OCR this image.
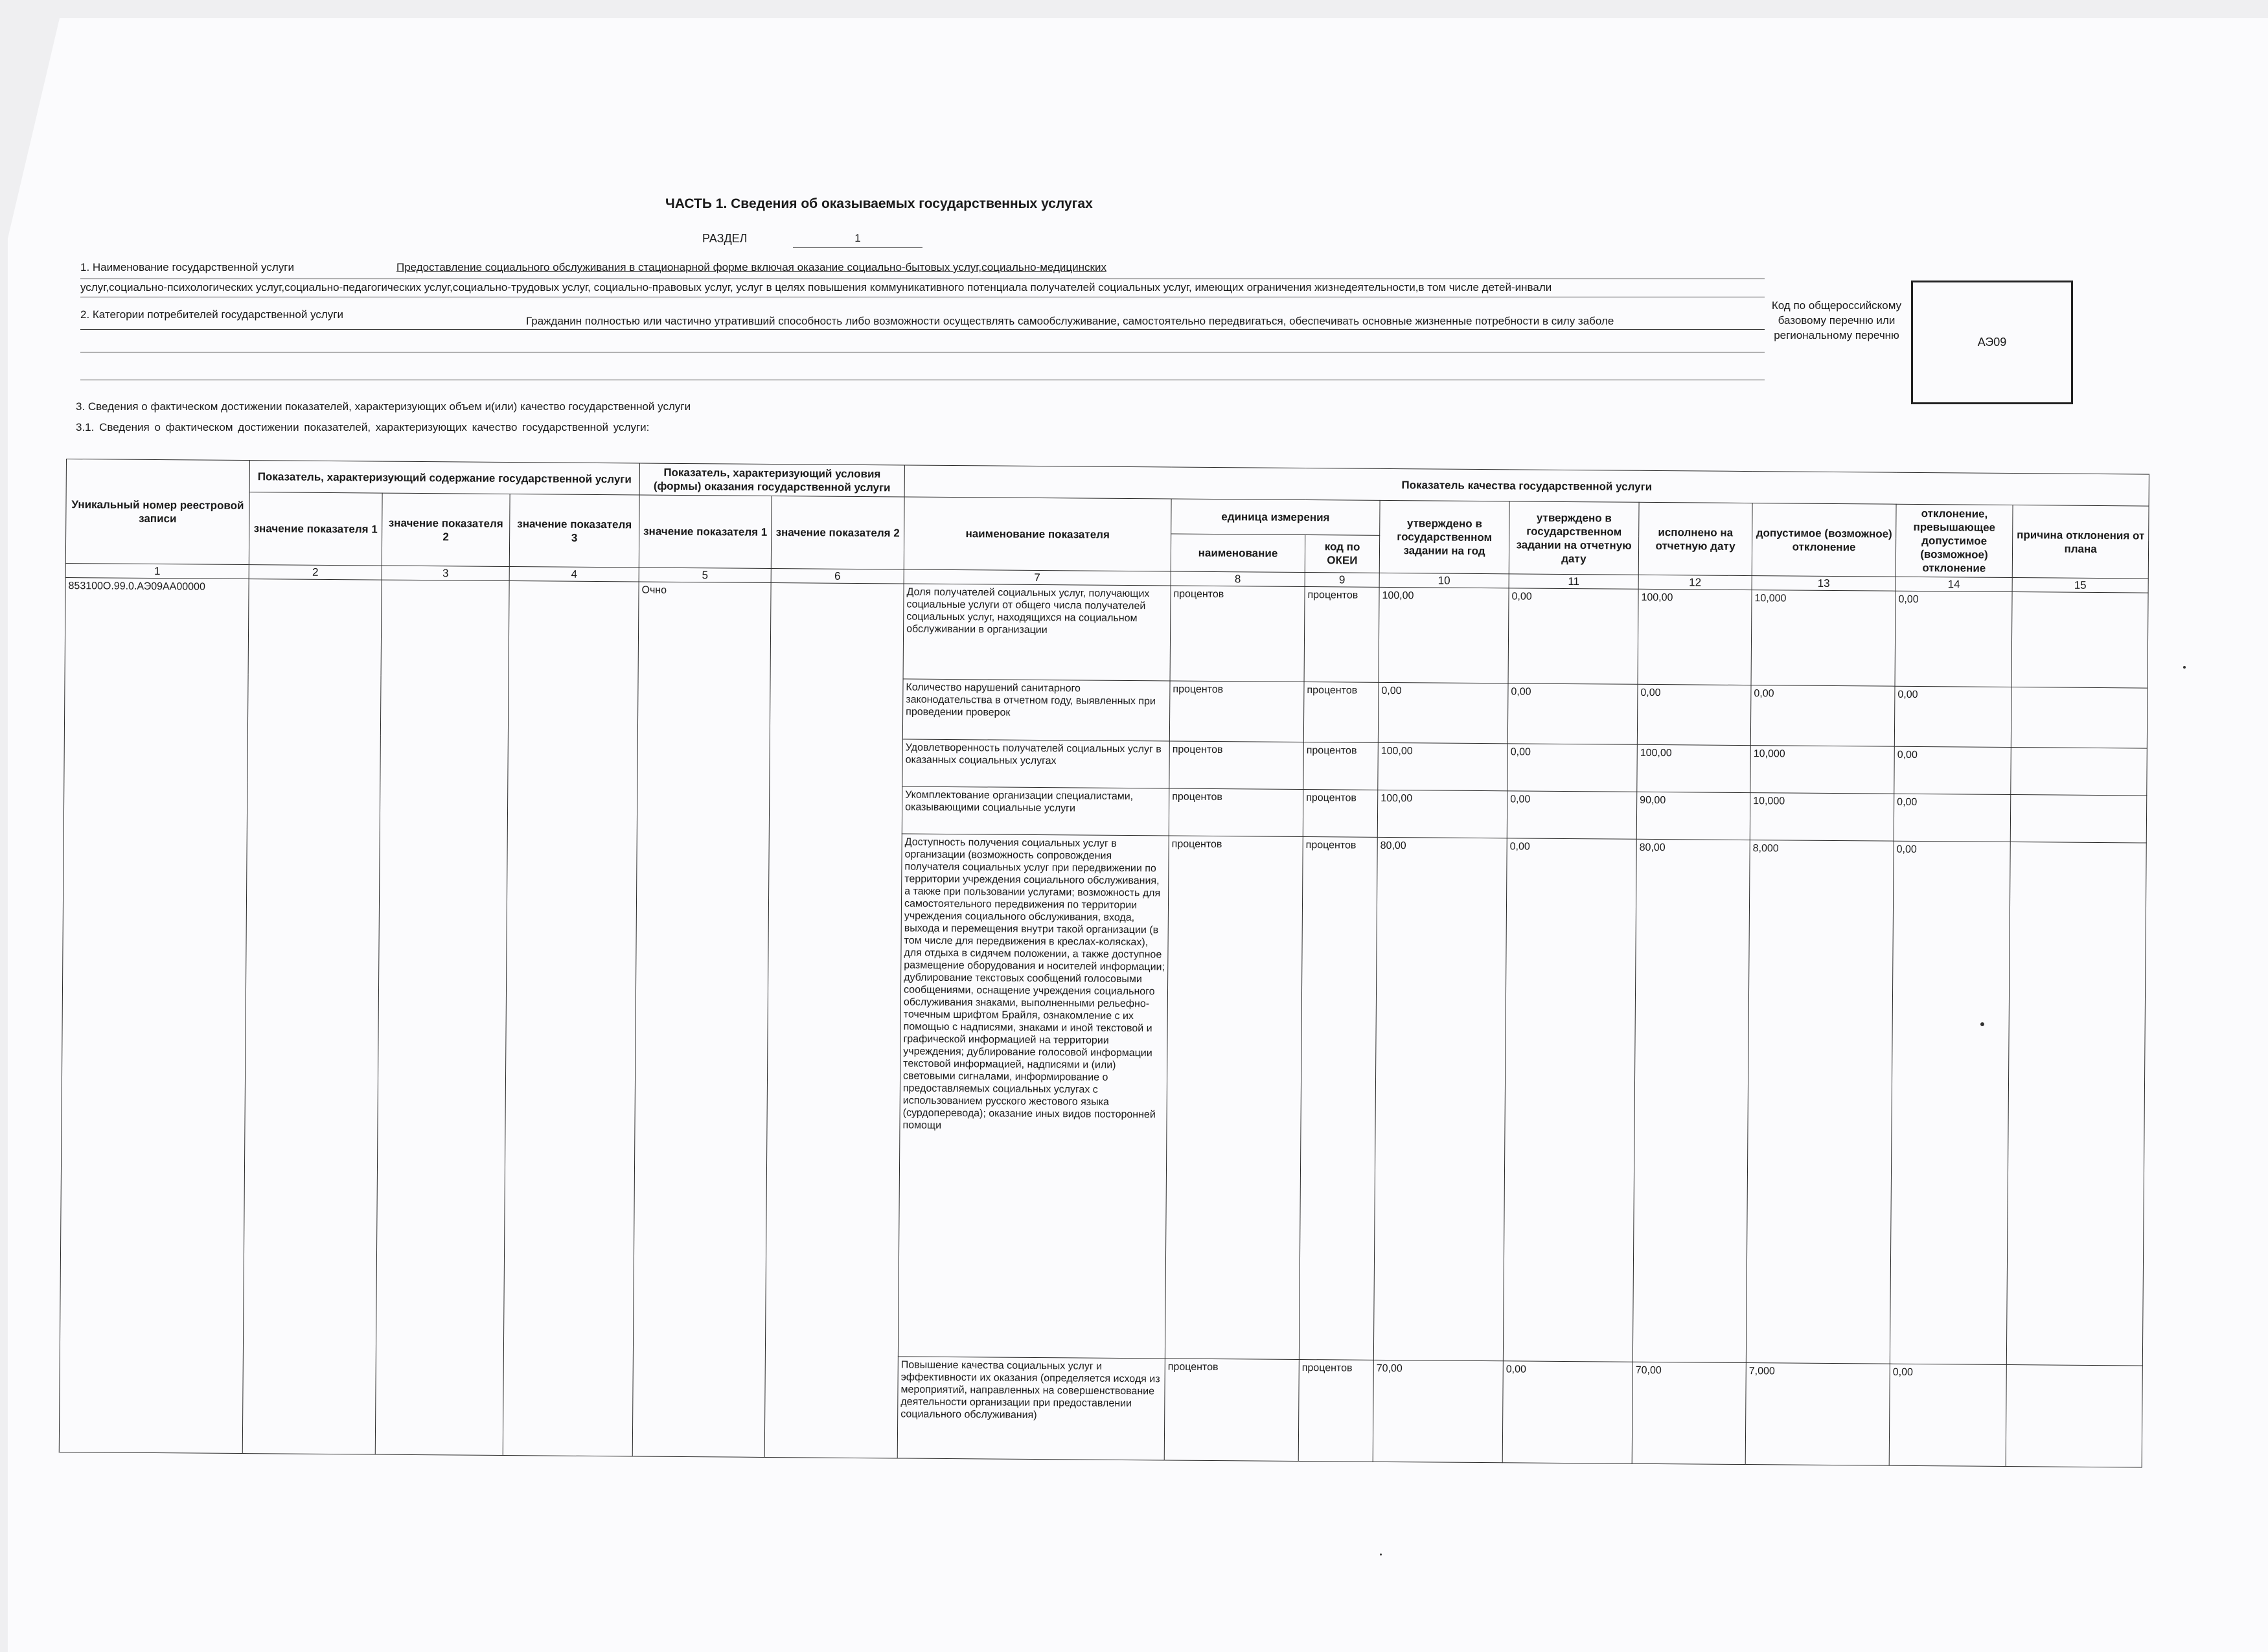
ЧАСТЬ 1. Сведения об оказываемых государственных услугах
РАЗДЕЛ	1
1. Наименование государственной услуги	Предоставление социального обслуживания в стационарной форме включая оказание социально-бытовых услуг,социально-медицинских
услуг,социально-психологических услуг,социально-педагогических услуг,социально-трудовых услуг, социально-правовых услуг, услуг в целях повышения коммуникативного потенциала получателей социальных услуг, имеющих ограничения жизнедеятельности,в том числе детей-инвали
2. Категории потребителей государственной услуги
Гражданин полностью или частично утративший способность либо возможности осуществлять самообслуживание, самостоятельно передвигаться, обеспечивать основные жизненные потребности в силу заболе
Код по общероссийскому базовому перечню или региональному перечню
АЭ09
3. Сведения о фактическом достижении показателей, характеризующих объем и(или) качество государственной услуги
3.1. Сведения о фактическом достижении показателей, характеризующих качество государственной услуги:
Уникальный номер реестровой записи	Показатель, характеризующий содержание государственной услуги			Показатель, характеризующий условия (формы) оказания государственной услуги		Показатель качества государственной услуги								
	значение показателя 1	значение показателя 2	значение показателя 3	значение показателя 1	значение показателя 2	наименование показателя	единица измерения		утверждено в государственном задании на год	утверждено в государственном задании на отчетную дату	исполнено на отчетную дату	допустимое (возможное) отклонение	отклонение, превышающее допустимое (возможное) отклонение	причина отклонения от плана
							наименование	код по ОКЕИ						
1	2	3	4	5	6	7	8	9	10	11	12	13	14	15
853100О.99.0.АЭ09АА00000				Очно		Доля получателей социальных услуг, получающих социальные услуги от общего числа получателей социальных услуг, находящихся на социальном обслуживании в организации	процентов	процентов	100,00	0,00	100,00	10,000	0,00	
						Количество нарушений санитарного законодательства в отчетном году, выявленных при проведении проверок	процентов	процентов	0,00	0,00	0,00	0,00	0,00	
						Удовлетворенность получателей социальных услуг в оказанных социальных услугах	процентов	процентов	100,00	0,00	100,00	10,000	0,00	
						Укомплектование организации специалистами, оказывающими социальные услуги	процентов	процентов	100,00	0,00	90,00	10,000	0,00	
						Доступность получения социальных услуг в организации (возможность сопровождения получателя социальных услуг при передвижении по территории учреждения социального обслуживания, а также при пользовании услугами; возможность для самостоятельного передвижения по территории учреждения социального обслуживания, входа, выхода и перемещения внутри такой организации (в том числе для передвижения в креслах-колясках), для отдыха в сидячем положении, а также доступное размещение оборудования и носителей информации; дублирование текстовых сообщений голосовыми сообщениями, оснащение учреждения социального обслуживания знаками, выполненными рельефно-точечным шрифтом Брайля, ознакомление с их помощью с надписями, знаками и иной текстовой и графической информацией на территории учреждения; дублирование голосовой информации текстовой информацией, надписями и (или) световыми сигналами, информирование о предоставляемых социальных услугах с использованием русского жестового языка (сурдоперевода); оказание иных видов посторонней помощи	процентов	процентов	80,00	0,00	80,00	8,000	0,00	
						Повышение качества социальных услуг и эффективности их оказания (определяется исходя из мероприятий, направленных на совершенствование деятельности организации при предоставлении социального обслуживания)	процентов	процентов	70,00	0,00	70,00	7,000	0,00	
